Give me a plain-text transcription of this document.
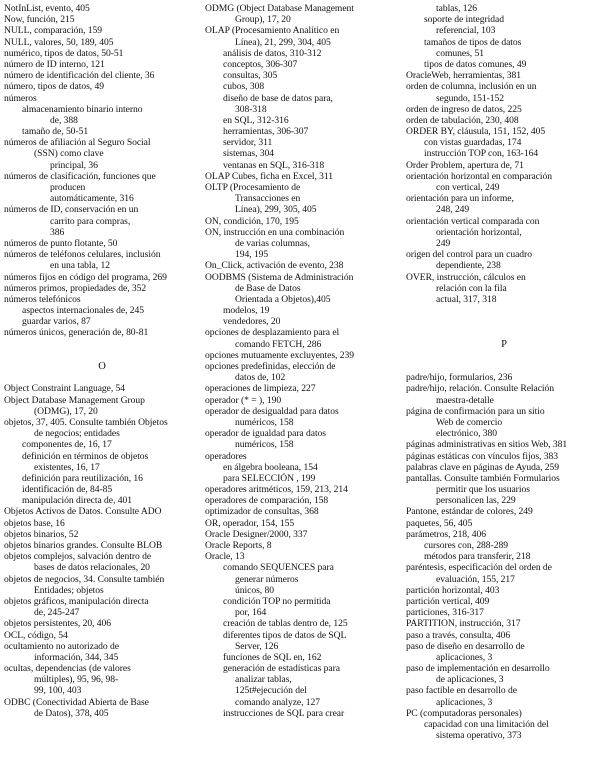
NotInList, evento, 405
Now, función, 215
NULL, comparación, 159
NULL, valores, 50, 189, 405
numérico, tipos de datos, 50-51
número de ID interno, 121
número de identificación del cliente, 36
número, tipos de datos, 49
números
almacenamiento binario interno
de, 388
tamaño de, 50-51
números de afiliación al Seguro Social
(SSN) como clave
principal, 36
números de clasificación, funciones que
producen
automáticamente, 316
números de ID, conservación en un
carrito para compras,
386
números de punto flotante, 50
números de teléfonos celulares, inclusión
en una tabla, 12
números fijos en código del programa, 269
números primos, propiedades de, 352
números telefónicos
aspectos internacionales de, 245
guardar varios, 87
números únicos, generación de, 80-81
O
Object Constraint Language, 54
Object Database Management Group
(ODMG), 17, 20
objetos, 37, 405. Consulte también Objetos
de negocios; entidades
componentes de, 16, 17
definición en términos de objetos
existentes, 16, 17
definición para reutilización, 16
identificación de, 84-85
manipulación directa de, 401
Objetos Activos de Datos. Consulte ADO
objetos base, 16
objetos binarios, 52
objetos binarios grandes. Consulte BLOB
objetos complejos, salvación dentro de
bases de datos relacionales, 20
objetos de negocios, 34. Consulte también
Entidades; objetos
objetos gráficos, manipulación directa
de, 245-247
objetos persistentes, 20, 406
OCL, código, 54
ocultamiento no autorizado de
información, 344, 345
ocultas, dependencias (de valores
múltiples), 95, 96, 98-
99, 100, 403
ODBC (Conectividad Abierta de Base
de Datos), 378, 405
ODMG (Object Database Management
Group), 17, 20
OLAP (Procesamiento Analítico en
Línea), 21, 299, 304, 405
análisis de datos, 310-312
conceptos, 306-307
consultas, 305
cubos, 308
diseño de base de datos para,
308-318
en SQL, 312-316
herramientas, 306-307
servidor, 311
sistemas, 304
ventanas en SQL, 316-318
OLAP Cubes, ficha en Excel, 311
OLTP (Procesamiento de
Transacciones en
Línea), 299, 305, 405
ON, condición, 170, 195
ON, instrucción en una combinación
de varias columnas,
194, 195
On_Click, activación de evento, 238
OODBMS (Sistema de Administración
de Base de Datos
Orientada a Objetos),405
modelos, 19
vendedores, 20
opciones de desplazamiento para el
comando FETCH, 286
opciones mutuamente excluyentes, 239
opciones predefinidas, elección de
datos de, 102
operaciones de limpieza, 227
operador (* = ), 190
operador de desigualdad para datos
numéricos, 158
operador de igualdad para datos
numéricos, 158
operadores
en álgebra booleana, 154
para SELECCIÓN , 199
operadores aritméticos, 159, 213, 214
operadores de comparación, 158
optimizador de consultas, 368
OR, operador, 154, 155
Oracle Designer/2000, 337
Oracle Reports, 8
Oracle, 13
comando SEQUENCES para
generar números
únicos, 80
condición TOP no permitida
por, 164
creación de tablas dentro de, 125
diferentes tipos de datos de SQL
Server, 126
funciones de SQL en, 162
generación de estadísticas para
analizar tablas,
125t#ejecución del
comando analyze, 127
instrucciones de SQL para crear
tablas, 126
soporte de integridad
referencial, 103
tamaños de tipos de datos
comunes, 51
tipos de datos comunes, 49
OracleWeb, herramientas, 381
orden de columna, inclusión en un
segundo, 151-152
orden de ingreso de datos, 225
orden de tabulación, 230, 408
ORDER BY, cláusula, 151, 152, 405
con vistas guardadas, 174
instrucción TOP con, 163-164
Order Problem, apertura de, 71
orientación horizontal en comparación
con vertical, 249
orientación para un informe,
248, 249
orientación vertical comparada con
orientación horizontal,
249
origen del control para un cuadro
dependiente, 238
OVER, instrucción, cálculos en
relación con la fila
actual, 317, 318
P
padre/hijo, formularios, 236
padre/hijo, relación. Consulte Relación
maestra-detalle
página de confirmación para un sitio
Web de comercio
electrónico, 380
páginas administrativas en sitios Web, 381
páginas estáticas con vínculos fijos, 383
palabras clave en páginas de Ayuda, 259
pantallas. Consulte también Formularios
permitir que los usuarios
personalicen las, 229
Pantone, estándar de colores, 249
paquetes, 56, 405
parámetros, 218, 406
cursores con, 288-289
métodos para transferir, 218
paréntesis, especificación del orden de
evaluación, 155, 217
partición horizontal, 403
partición vertical, 409
particiones, 316-317
PARTITION, instrucción, 317
paso a través, consulta, 406
paso de diseño en desarrollo de
aplicaciones, 3
paso de implementación en desarrollo
de aplicaciones, 3
paso factible en desarrollo de
aplicaciones, 3
PC (computadoras personales)
capacidad con una limitación del
sistema operativo, 373
